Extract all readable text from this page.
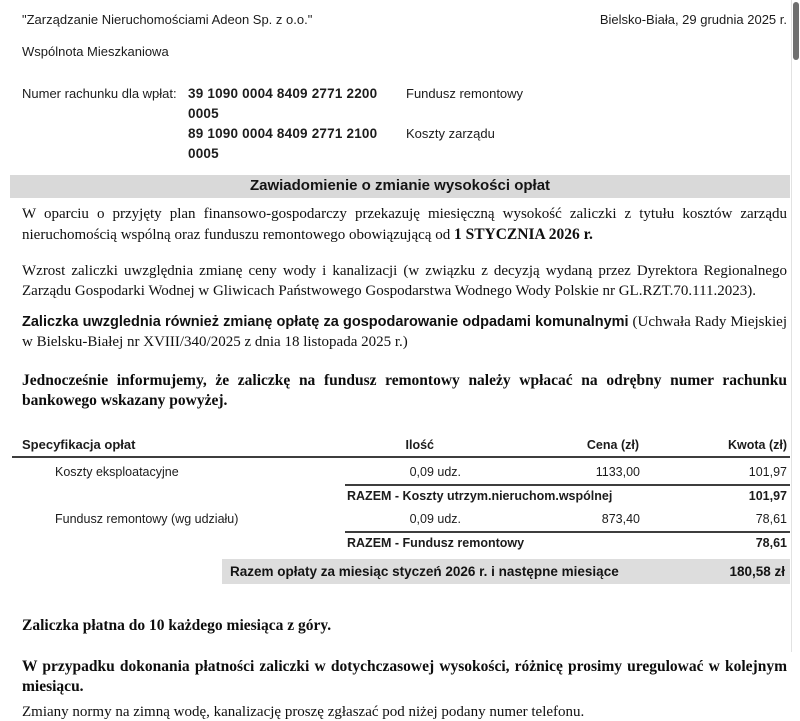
"Zarządzanie Nieruchomościami Adeon Sp. z o.o."	Bielsko-Biała, 29 grudnia 2025 r.
Wspólnota Mieszkaniowa
Numer rachunku dla wpłat: 39 1090 0004 8409 2771 2200 0005
Fundusz remontowy
89 1090 0004 8409 2771 2100 0005
Koszty zarządu
Zawiadomienie o zmianie wysokości opłat

W oparciu o przyjęty plan finansowo-gospodarczy przekazuję miesięczną wysokość zaliczki z tytułu kosztów zarządu nieruchomością wspólną oraz funduszu remontowego obowiązującą od 1 STYCZNIA 2026 r.

Wzrost zaliczki uwzględnia zmianę ceny wody i kanalizacji (w związku z decyzją wydaną przez Dyrektora Regionalnego Zarządu Gospodarki Wodnej w Gliwicach Państwowego Gospodarstwa Wodnego Wody Polskie nr GL.RZT.70.111.2023).

Zaliczka uwzglednia również zmianę opłatę za gospodarowanie odpadami komunalnymi (Uchwała Rady Miejskiej w Bielsku-Białej nr XVIII/340/2025 z dnia 18 listopada 2025 r.)

Jednocześnie informujemy, że zaliczkę na fundusz remontowy należy wpłacać na odrębny numer rachunku bankowego wskazany powyżej.

Specyfikacja opłat	Ilość	Cena (zł)	Kwota (zł)
Koszty eksploatacyjne	0,09 udz.	1133,00	101,97
RAZEM - Koszty utrzym.nieruchom.wspólnej	101,97
Fundusz remontowy (wg udziału)	0,09 udz.	873,40	78,61
RAZEM - Fundusz remontowy	78,61
Razem opłaty za miesiąc styczeń 2026 r. i następne miesiące	180,58 zł

Zaliczka płatna do 10 każdego miesiąca z góry.

W przypadku dokonania płatności zaliczki w dotychczasowej wysokości, różnicę prosimy uregulować w kolejnym miesiącu.

Zmiany normy na zimną wodę, kanalizację proszę zgłaszać pod niżej podany numer telefonu.
